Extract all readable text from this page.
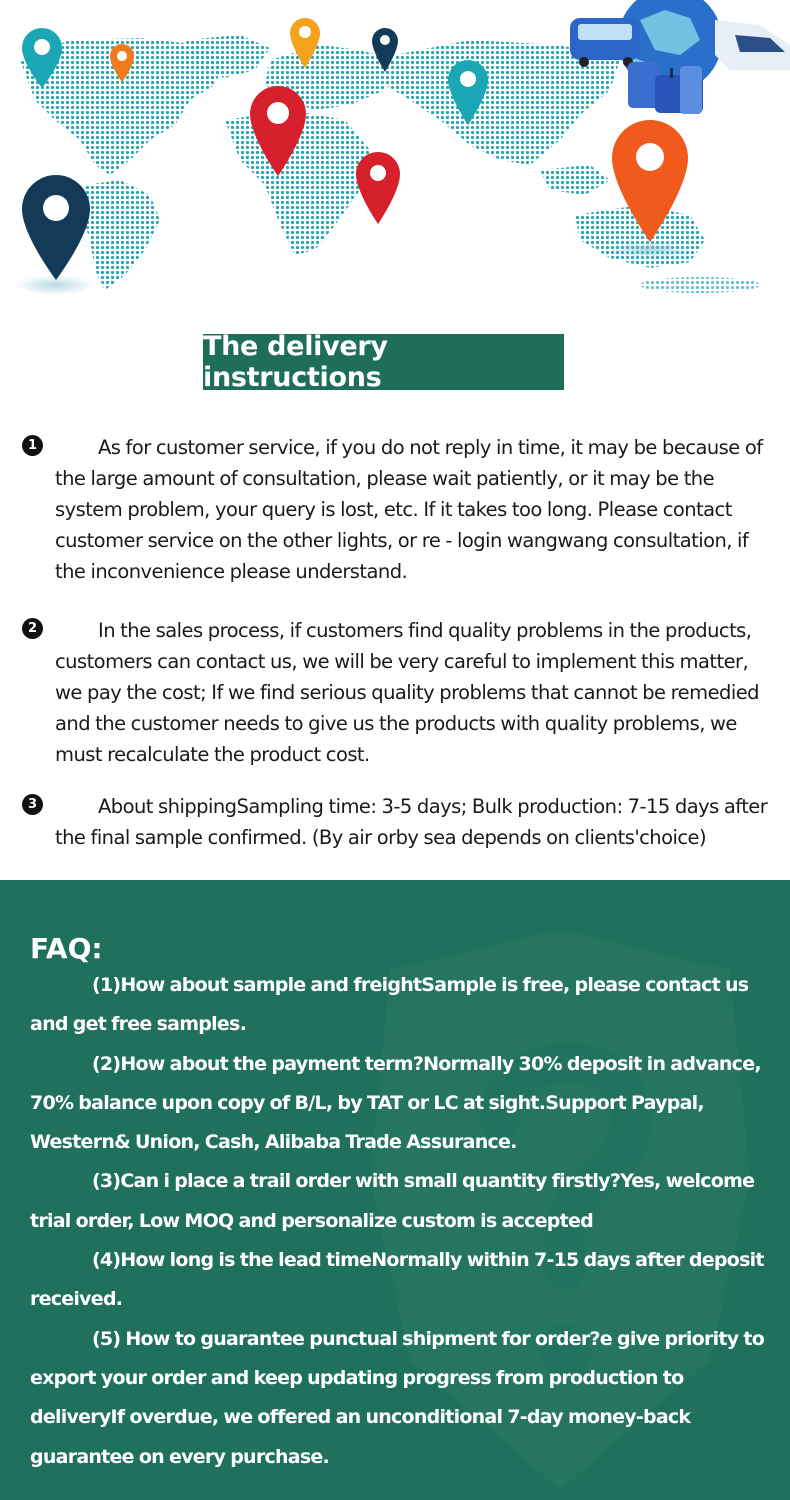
The delivery instructions
1	As for customer service, if you do not reply in time, it may be because of the large amount of consultation, please wait patiently, or it may be the system problem, your query is lost, etc. If it takes too long. Please contact customer service on the other lights, or re - login wangwang consultation, if the inconvenience please understand.

2	In the sales process, if customers find quality problems in the products, customers can contact us, we will be very careful to implement this matter, we pay the cost; If we find serious quality problems that cannot be remedied and the customer needs to give us the products with quality problems, we must recalculate the product cost.

3	About shippingSampling time: 3-5 days; Bulk production: 7-15 days after the final sample confirmed. (By air orby sea depends on clients'choice)

FAQ:

(1)How about sample and freightSample is free, please contact us and get free samples.

(2)How about the payment term?Normally 30% deposit in advance, 70% balance upon copy of B/L, by TAT or LC at sight.Support Paypal, Western& Union, Cash, Alibaba Trade Assurance.

(3)Can i place a trail order with small quantity firstly?Yes, welcome trial order, Low MOQ and personalize custom is accepted

(4)How long is the lead timeNormally within 7-15 days after deposit received.

(5) How to guarantee punctual shipment for order?e give priority to export your order and keep updating progress from production to deliveryIf overdue, we offered an unconditional 7-day money-back guarantee on every purchase.
